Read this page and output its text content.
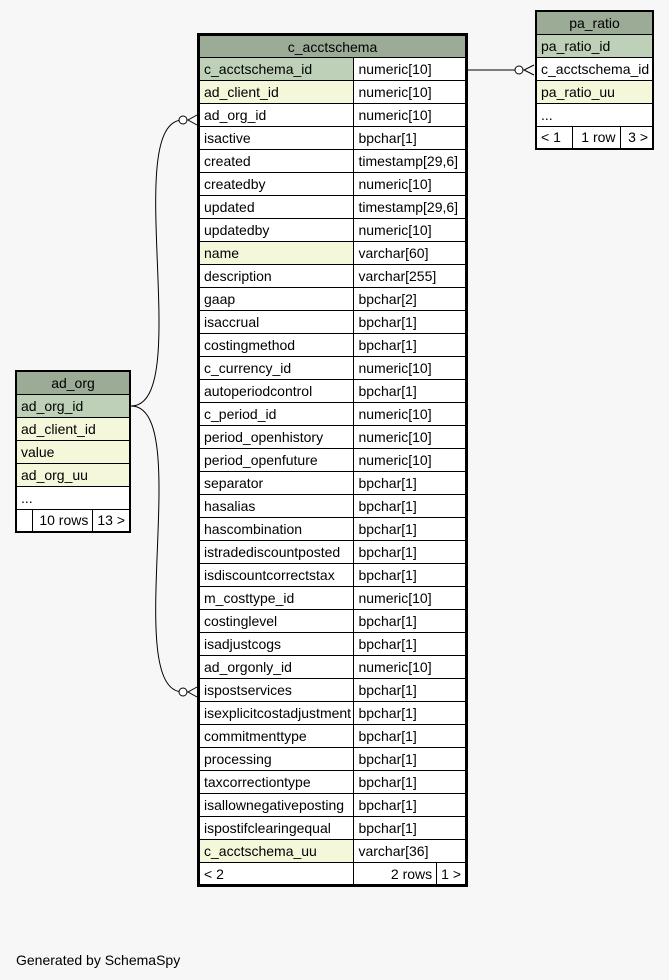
c_acctschema		
c_acctschema_id	numeric[10]	
ad_client_id	numeric[10]	
ad_org_id	numeric[10]	
isactive	bpchar[1]	
created	timestamp[29,6]	
createdby	numeric[10]	
updated	timestamp[29,6]	
updatedby	numeric[10]	
name	varchar[60]	
description	varchar[255]	
gaap	bpchar[2]	
isaccrual	bpchar[1]	
costingmethod	bpchar[1]	
c_currency_id	numeric[10]	
autoperiodcontrol	bpchar[1]	
c_period_id	numeric[10]	
period_openhistory	numeric[10]	
period_openfuture	numeric[10]	
separator	bpchar[1]	
hasalias	bpchar[1]	
hascombination	bpchar[1]	
istradediscountposted	bpchar[1]	
isdiscountcorrectstax	bpchar[1]	
m_costtype_id	numeric[10]	
costinglevel	bpchar[1]	
isadjustcogs	bpchar[1]	
ad_orgonly_id	numeric[10]	
ispostservices	bpchar[1]	
isexplicitcostadjustment	bpchar[1]	
commitmenttype	bpchar[1]	
processing	bpchar[1]	
taxcorrectiontype	bpchar[1]	
isallownegativeposting	bpchar[1]	
ispostifclearingequal	bpchar[1]	
c_acctschema_uu	varchar[36]	
< 2	2 rows	1 >
pa_ratio
pa_ratio_id
c_acctschema_id
pa_ratio_uu
...
< 1	1 row	3 >
ad_org
ad_org_id
ad_client_id
value
ad_org_uu
...
	10 rows	13 >
Generated by SchemaSpy
